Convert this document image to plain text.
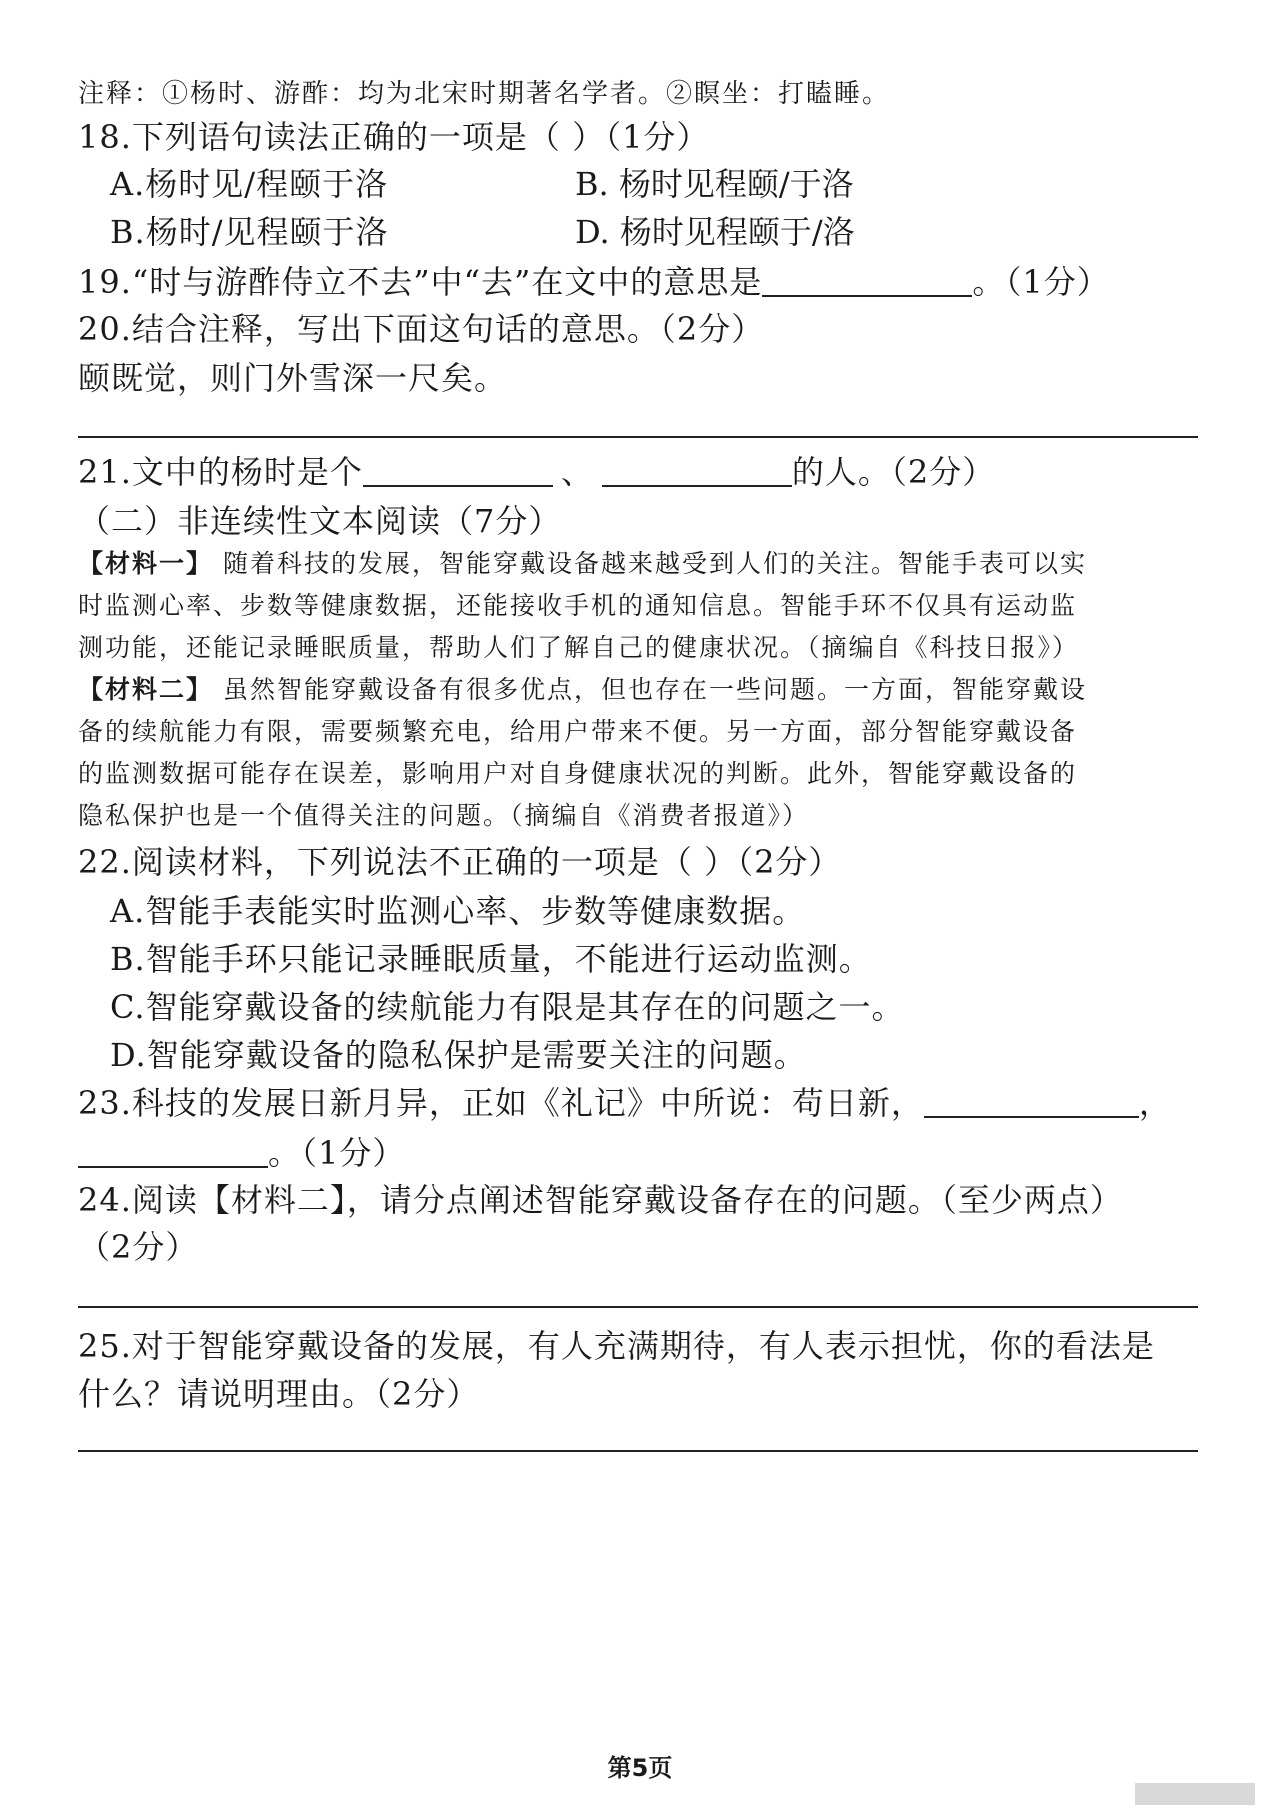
注释：①杨时、游酢：均为北宋时期著名学者。②瞑坐：打瞌睡。
18.下列语句读法正确的一项是（ ）（1分）
A.杨时见/程颐于洛	B. 杨时见程颐/于洛
B.杨时/见程颐于洛	D. 杨时见程颐于/洛
19.“时与游酢侍立不去”中“去”在文中的意思是	。（1分）
20.结合注释，写出下面这句话的意思。（2分）
颐既觉，则门外雪深一尺矣。
21.文中的杨时是个	、	的人。（2分）
（二）非连续性文本阅读（7分）
【材料一】 随着科技的发展，智能穿戴设备越来越受到人们的关注。智能手表可以实
时监测心率、步数等健康数据，还能接收手机的通知信息。智能手环不仅具有运动监
测功能，还能记录睡眠质量，帮助人们了解自己的健康状况。（摘编自《科技日报》）
【材料二】 虽然智能穿戴设备有很多优点，但也存在一些问题。一方面，智能穿戴设
备的续航能力有限，需要频繁充电，给用户带来不便。另一方面，部分智能穿戴设备
的监测数据可能存在误差，影响用户对自身健康状况的判断。此外，智能穿戴设备的
隐私保护也是一个值得关注的问题。（摘编自《消费者报道》）
22.阅读材料，下列说法不正确的一项是（ ）（2分）
A.智能手表能实时监测心率、步数等健康数据。
B.智能手环只能记录睡眠质量，不能进行运动监测。
C.智能穿戴设备的续航能力有限是其存在的问题之一。
D.智能穿戴设备的隐私保护是需要关注的问题。
23.科技的发展日新月异，正如《礼记》中所说：苟日新，	，
。（1分）
24.阅读【材料二】，请分点阐述智能穿戴设备存在的问题。（至少两点）
（2分）
25.对于智能穿戴设备的发展，有人充满期待，有人表示担忧，你的看法是
什么？请说明理由。（2分）
第5页
